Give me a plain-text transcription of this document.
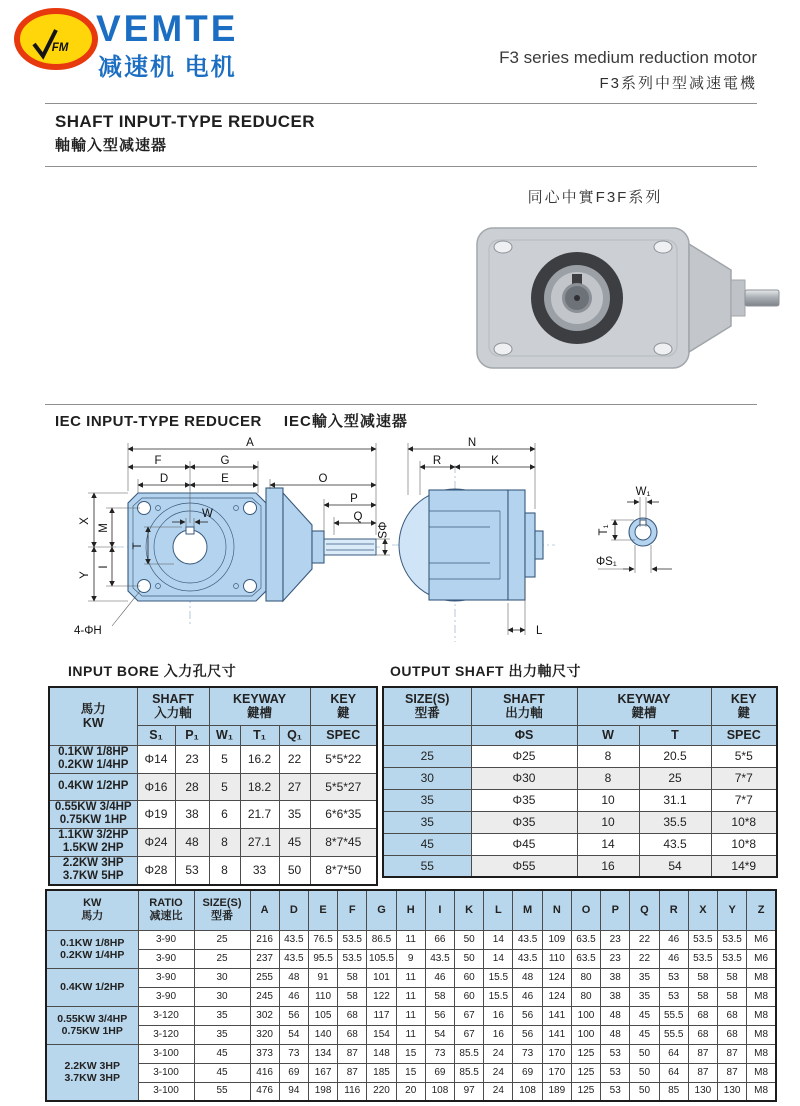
FM VEMTE
减速机 电机	F3 series medium reduction motor
F3系列中型减速電機
SHAFT INPUT-TYPE REDUCER
軸輸入型减速器
同心中實F3F系列
IEC INPUT-TYPE REDUCER IEC輸入型减速器
A
F	G
D	E	O
P
Q
ΦS
X
M
Y
I
W
T
4-ΦH
N
R	K
L
W₁
T₁
ΦS₁
INPUT BORE 入力孔尺寸	OUTPUT SHAFT 出力軸尺寸
馬力
KW

SHAFT
入力軸

KEYWAY
鍵槽

KEY
鍵

	S₁	P₁	W₁	T₁	Q₁	SPEC

0.1KW 1/8HP
0.2KW 1/4HP	Φ14	23	5	16.2	22	5*5*22

0.4KW 1/2HP	Φ16	28	5	18.2	27	5*5*27

0.55KW 3/4HP
0.75KW 1HP	Φ19	38	6	21.7	35	6*6*35

1.1KW 3/2HP
1.5KW 2HP	Φ24	48	8	27.1	45	8*7*45

2.2KW 3HP
3.7KW 5HP	Φ28	53	8	33	50	8*7*50
SIZE(S)
型番

SHAFT
出力軸

KEYWAY
鍵槽

KEY
鍵

	ΦS	W	T	SPEC

25	Φ25	8	20.5	5*5

30	Φ30	8	25	7*7

35	Φ35	10	31.1	7*7

35	Φ35	10	35.5	10*8

45	Φ45	14	43.5	10*8

55	Φ55	16	54	14*9
KW
馬力

RATIO
减速比

SIZE(S)
型番

A	D	E	F	G	H	I	K	L	M	N	O	P	Q	R	X	Y	Z

0.1KW 1/8HP
0.2KW 1/4HP	3-90	25	216	43.5	76.5	53.5	86.5	11	66	50	14	43.5	109	63.5	23	22	46	53.5	53.5	M6

	3-90	25	237	43.5	95.5	53.5	105.5	9	43.5	50	14	43.5	110	63.5	23	22	46	53.5	53.5	M6

0.4KW 1/2HP	3-90	30	255	48	91	58	101	11	46	60	15.5	48	124	80	38	35	53	58	58	M8

	3-90	30	245	46	110	58	122	11	58	60	15.5	46	124	80	38	35	53	58	58	M8

0.55KW 3/4HP
0.75KW 1HP	3-120	35	302	56	105	68	117	11	56	67	16	56	141	100	48	45	55.5	68	68	M8

	3-120	35	320	54	140	68	154	11	54	67	16	56	141	100	48	45	55.5	68	68	M8

2.2KW 3HP
3.7KW 3HP	3-100	45	373	73	134	87	148	15	73	85.5	24	73	170	125	53	50	64	87	87	M8

	3-100	45	416	69	167	87	185	15	69	85.5	24	69	170	125	53	50	64	87	87	M8

	3-100	55	476	94	198	116	220	20	108	97	24	108	189	125	53	50	85	130	130	M8
